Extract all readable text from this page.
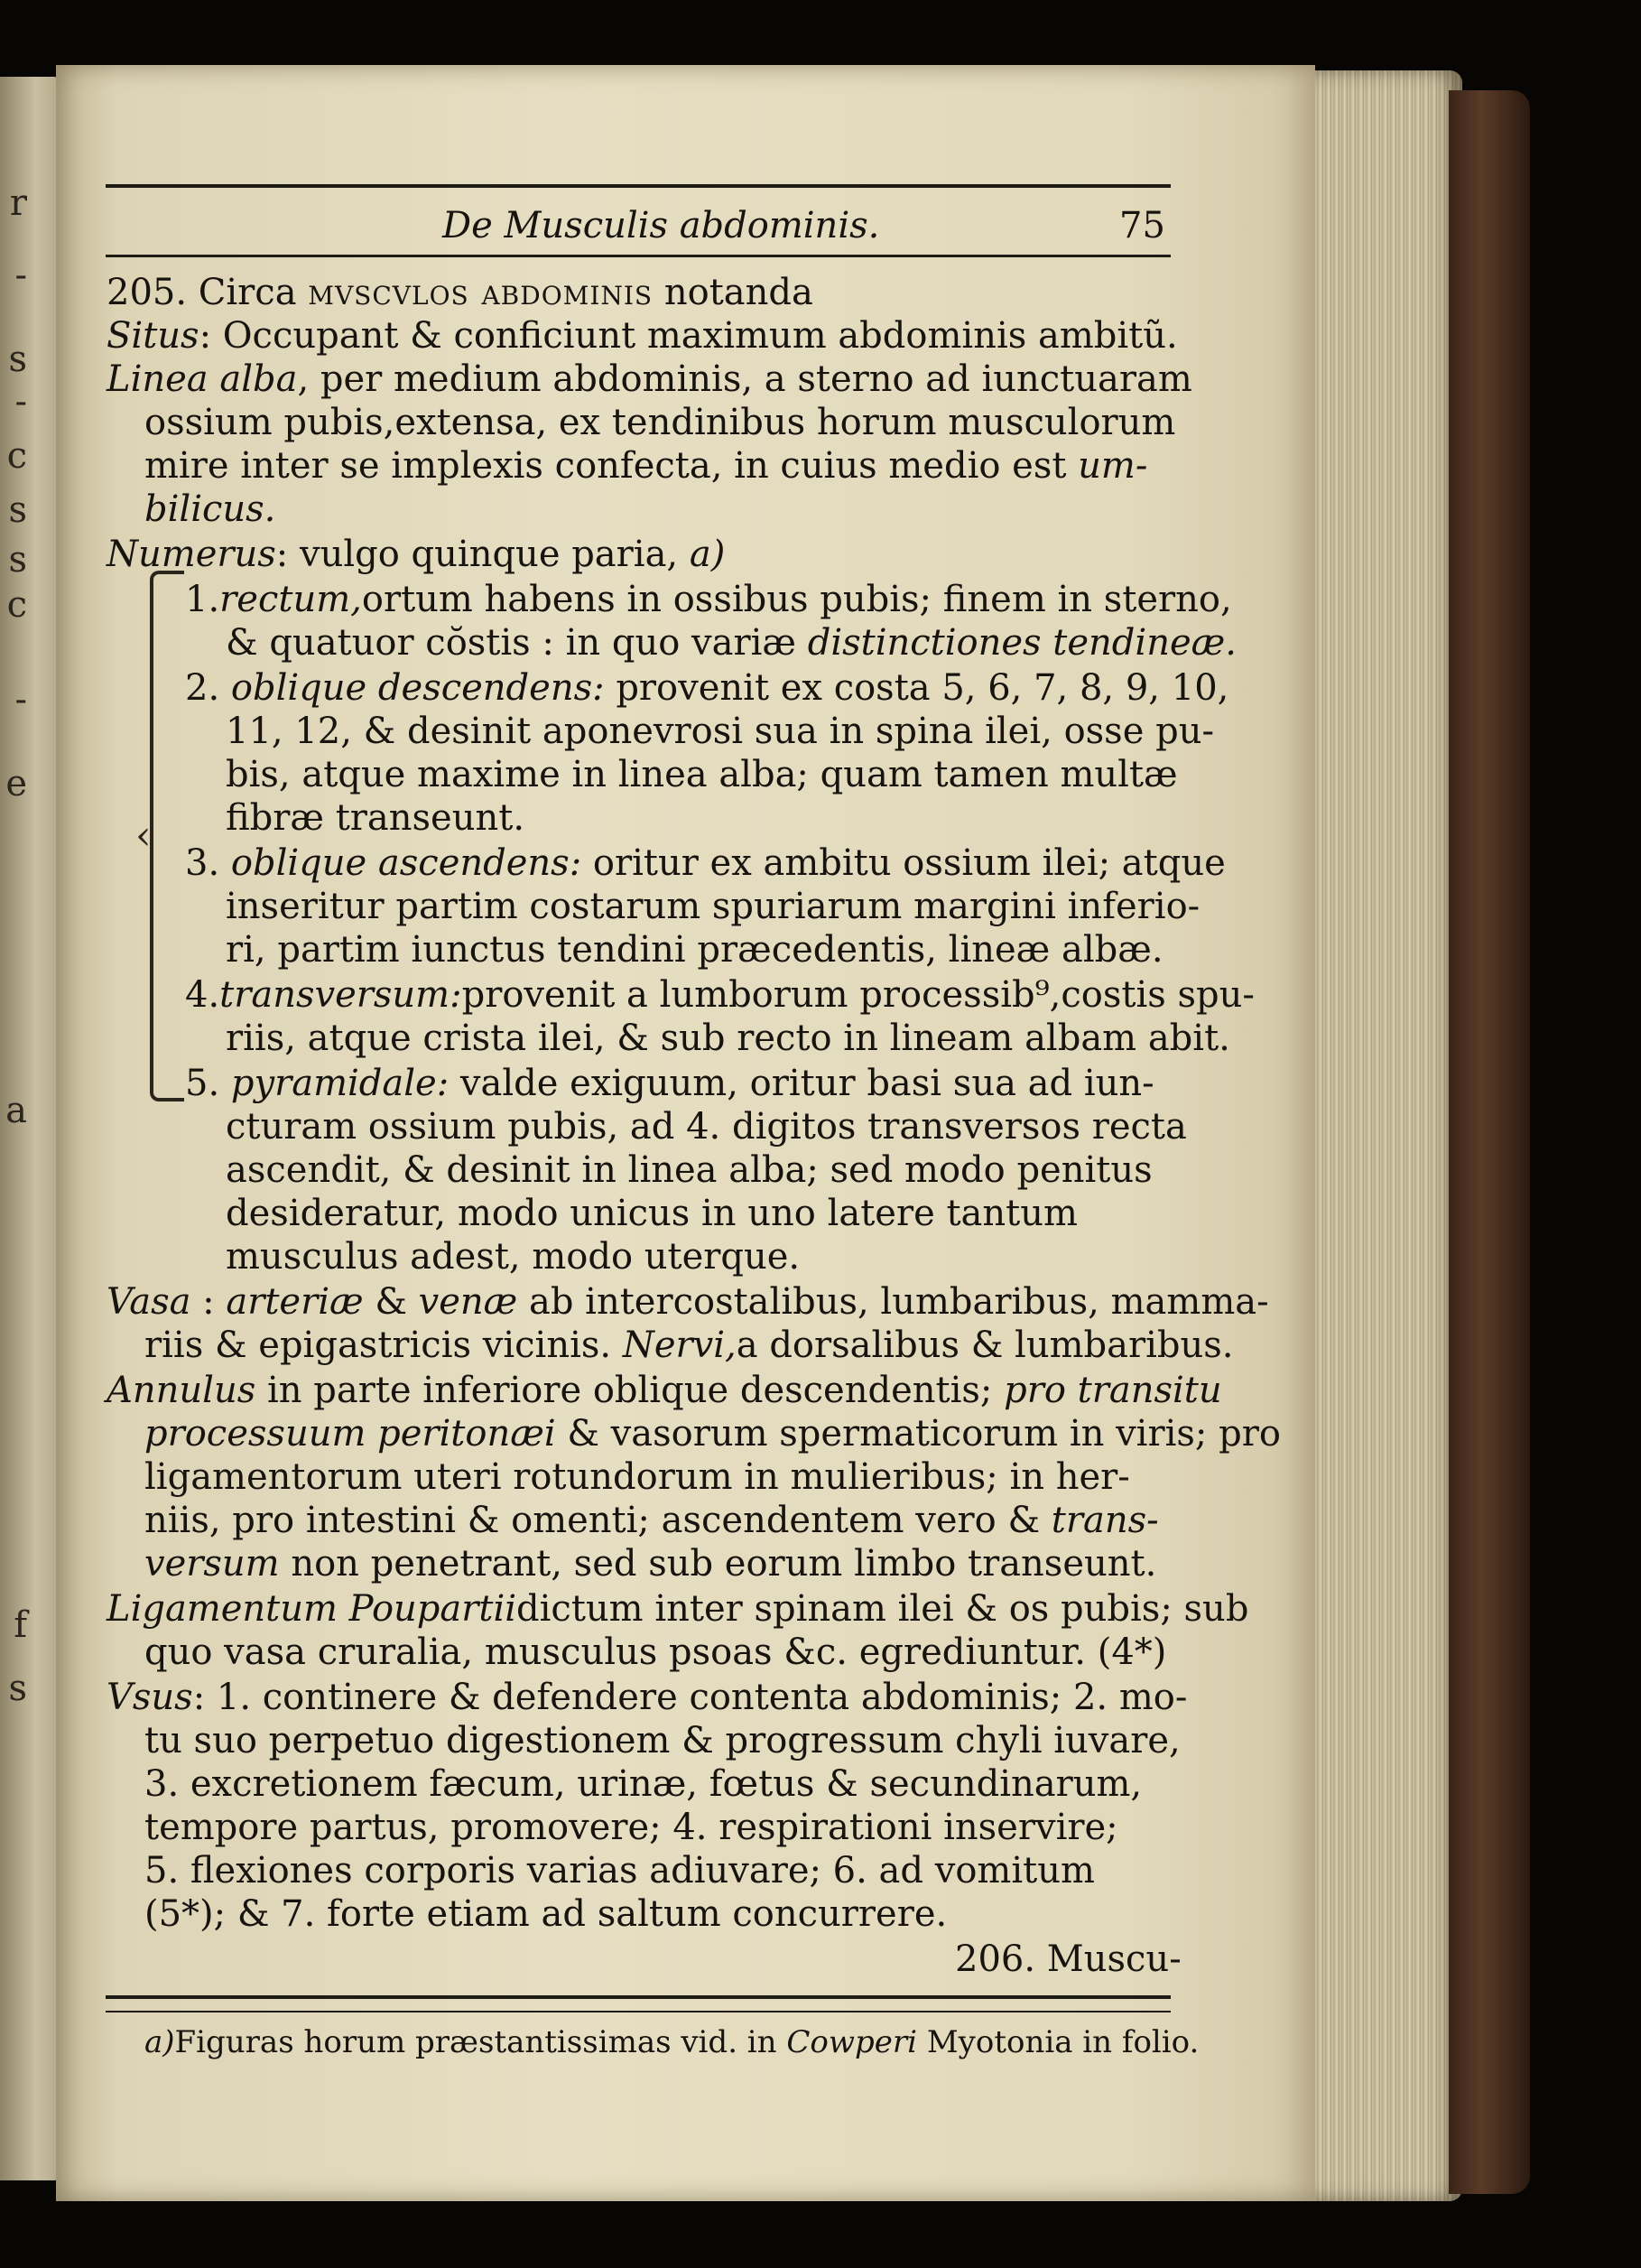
r
-
s
-
c
s
s
c
-
e
a
f
s
De Musculis abdominis.	75
205. Circa mvscvlos abdominis notanda
Situs: Occupant & conficiunt maximum abdominis ambitũ.
Linea alba, per medium abdominis, a sterno ad iunctuaram
ossium pubis,extensa, ex tendinibus horum musculorum
mire inter se implexis confecta, in cuius medio est um-
bilicus.
Numerus: vulgo quinque paria, a)
‹
1.rectum,ortum habens in ossibus pubis; finem in sterno,
& quatuor cŏstis : in quo variæ distinctiones tendineæ.
2. oblique descendens: provenit ex costa 5, 6, 7, 8, 9, 10,
11, 12, & desinit aponevrosi sua in spina ilei, osse pu-
bis, atque maxime in linea alba; quam tamen multæ
fibræ transeunt.
3. oblique ascendens: oritur ex ambitu ossium ilei; atque
inseritur partim costarum spuriarum margini inferio-
ri, partim iunctus tendini præcedentis, lineæ albæ.
4.transversum:provenit a lumborum processib⁹,costis spu-
riis, atque crista ilei, & sub recto in lineam albam abit.
5. pyramidale: valde exiguum, oritur basi sua ad iun-
cturam ossium pubis, ad 4. digitos transversos recta
ascendit, & desinit in linea alba; sed modo penitus
desideratur, modo unicus in uno latere tantum
musculus adest, modo uterque.
Vasa : arteriæ & venæ ab intercostalibus, lumbaribus, mamma-
riis & epigastricis vicinis. Nervi,a dorsalibus & lumbaribus.
Annulus in parte inferiore oblique descendentis; pro transitu
processuum peritonæi & vasorum spermaticorum in viris; pro
ligamentorum uteri rotundorum in mulieribus; in her-
niis, pro intestini & omenti; ascendentem vero & trans-
versum non penetrant, sed sub eorum limbo transeunt.
Ligamentum Poupartiidictum inter spinam ilei & os pubis; sub
quo vasa cruralia, musculus psoas &c. egrediuntur. (4*)
Vsus: 1. continere & defendere contenta abdominis; 2. mo-
tu suo perpetuo digestionem & progressum chyli iuvare,
3. excretionem fæcum, urinæ, fœtus & secundinarum,
tempore partus, promovere; 4. respirationi inservire;
5. flexiones corporis varias adiuvare; 6. ad vomitum
(5*); & 7. forte etiam ad saltum concurrere.
206. Muscu-
a)Figuras horum præstantissimas vid. in Cowperi Myotonia in folio.
